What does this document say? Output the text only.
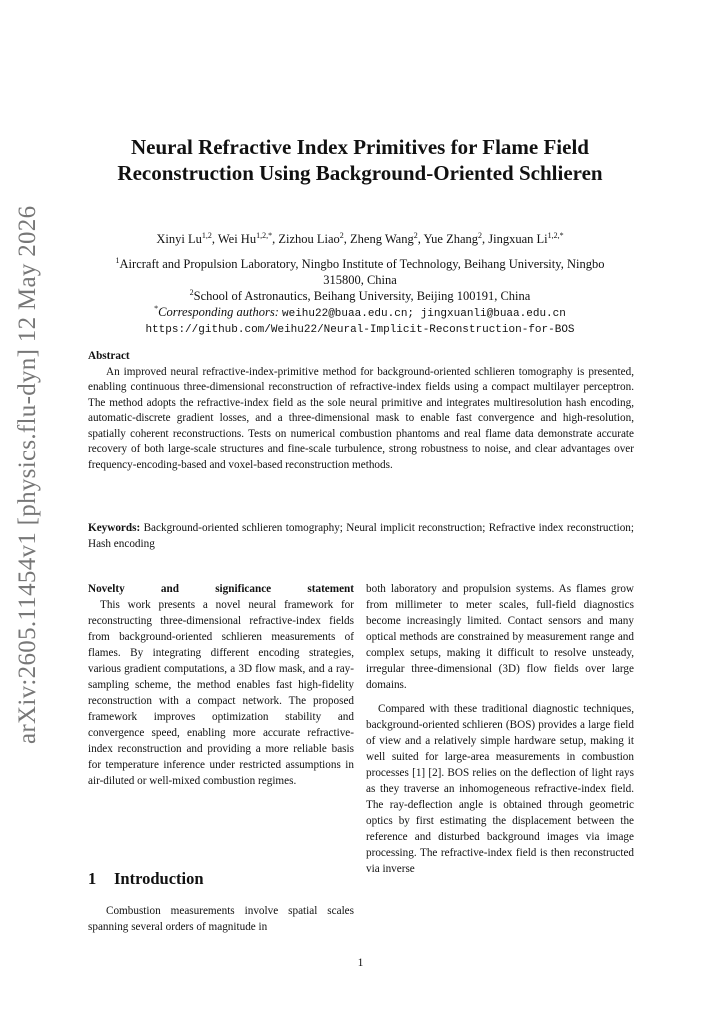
arXiv:2605.11454v1 [physics.flu-dyn] 12 May 2026
Neural Refractive Index Primitives for Flame Field Reconstruction Using Background-Oriented Schlieren
Xinyi Lu$^{1,2}$, Wei $Hu^{1,2,*}$, Zizhou Liao$^2$, Zheng Wang$^2$, Yue Zhang$^2$, Jingxuan $Li^{1,2,*}$
$^1$Aircraft and Propulsion Laboratory, Ningbo Institute of Technology, Beihang University, Ningbo 315800, China
$^2$School of Astronautics, Beihang University, Beijing 100191, China
*Corresponding authors: weihu22@buaa.edu.cn; jingxuanli@buaa.edu.cn
https://github.com/Weihu22/Neural-Implicit-Reconstruction-for-BOS
Abstract
An improved neural refractive-index-primitive method for background-oriented schlieren tomography is presented, enabling continuous three-dimensional reconstruction of refractive-index fields using a compact multilayer perceptron. The method adopts the refractive-index field as the sole neural primitive and integrates multiresolution hash encoding, automatic-discrete gradient losses, and a three-dimensional mask to enable fast convergence and high-resolution, spatially coherent reconstructions. Tests on numerical combustion phantoms and real flame data demonstrate accurate recovery of both large-scale structures and fine-scale turbulence, strong robustness to noise, and clear advantages over frequency-encoding-based and voxel-based reconstruction methods.
Keywords: Background-oriented schlieren tomography; Neural implicit reconstruction; Refractive index reconstruction; Hash encoding
Novelty and significance statement

This work presents a novel neural framework for reconstructing three-dimensional refractive-index fields from background-oriented schlieren measurements of flames. By integrating different encoding strategies, various gradient computations, a 3D flow mask, and a ray-sampling scheme, the method enables fast high-fidelity reconstruction with a compact network. The proposed framework improves optimization stability and convergence speed, enabling more accurate refractive-index reconstruction and providing a more reliable basis for temperature inference under restricted assumptions in air-diluted or well-mixed combustion regimes.

1 Introduction

Combustion measurements involve spatial scales spanning several orders of magnitude in

both laboratory and propulsion systems. As flames grow from millimeter to meter scales, full-field diagnostics become increasingly limited. Contact sensors and many optical methods are constrained by measurement range and complex setups, making it difficult to resolve unsteady, irregular three-dimensional (3D) flow fields over large domains.

Compared with these traditional diagnostic techniques, background-oriented schlieren (BOS) provides a large field of view and a relatively simple hardware setup, making it well suited for large-area measurements in combustion processes [1] [2]. BOS relies on the deflection of light rays as they traverse an inhomogeneous refractive-index field. The ray-deflection angle is obtained through geometric optics by first estimating the displacement between the reference and disturbed background images via image processing. The refractive-index field is then reconstructed via inverse

1
